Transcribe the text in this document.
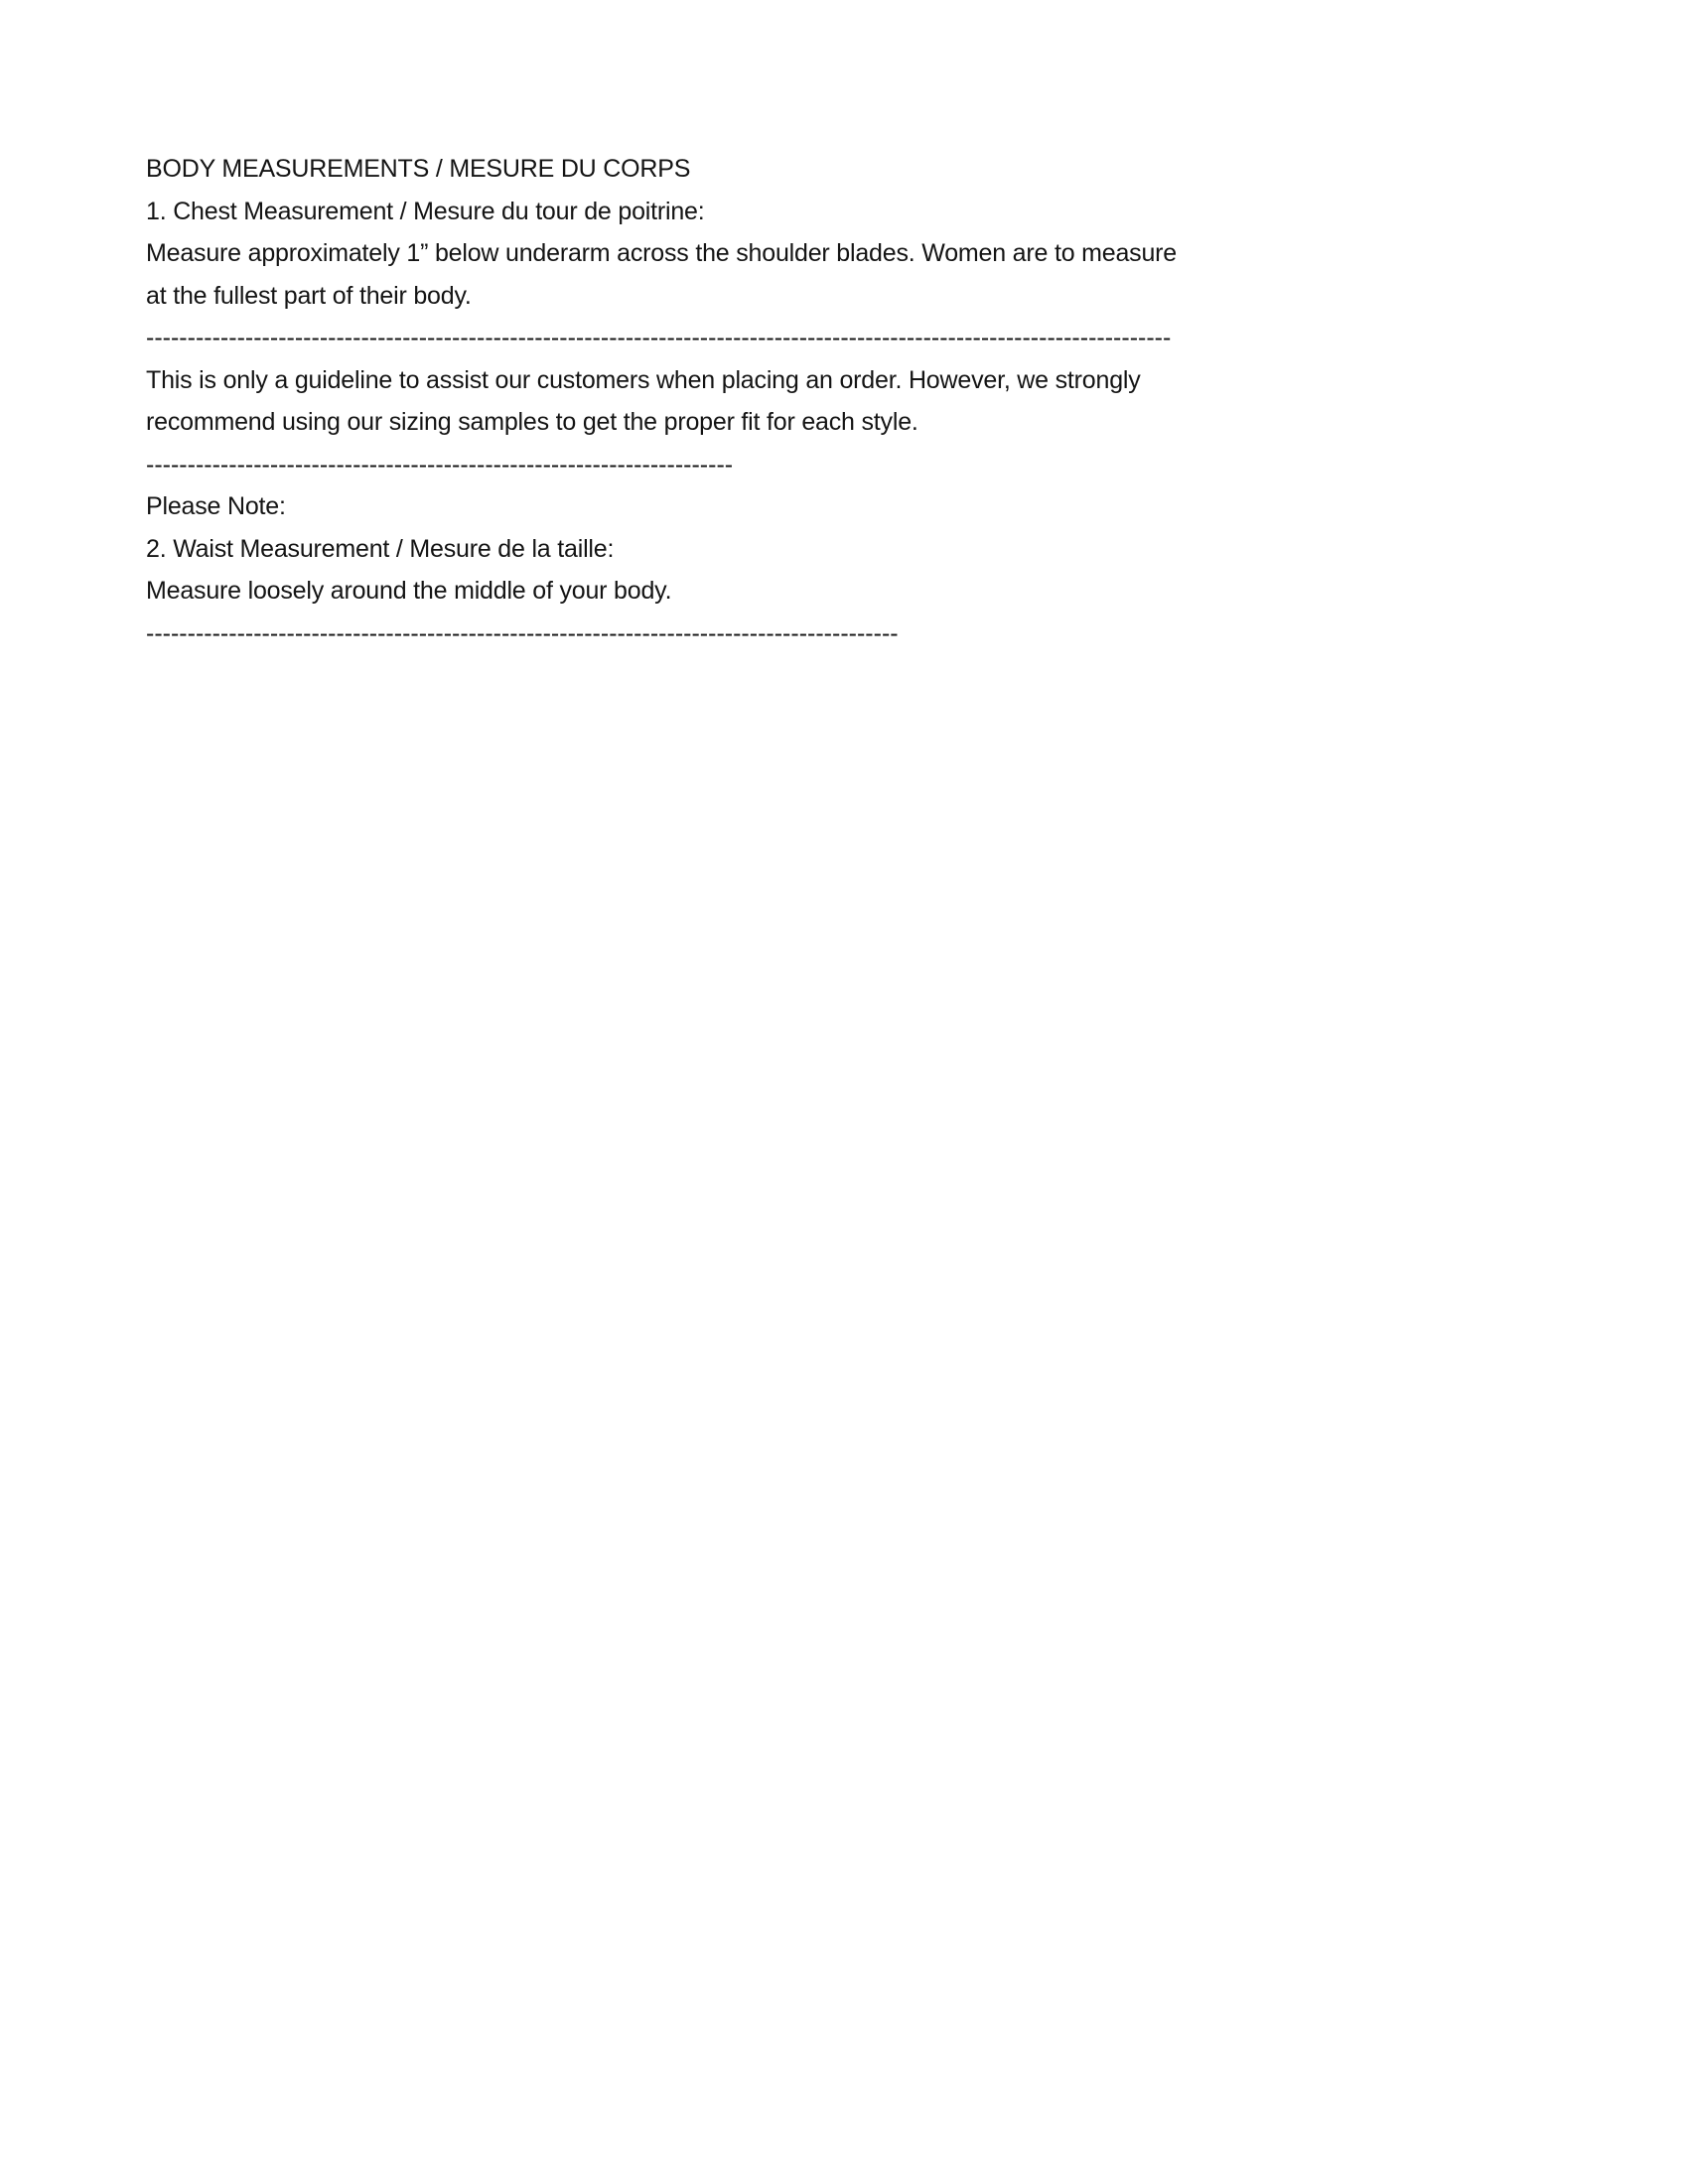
BODY MEASUREMENTS / MESURE DU CORPS
1. Chest Measurement / Mesure du tour de poitrine:
Measure approximately 1” below underarm across the shoulder blades. Women are to measure
at the fullest part of their body.
----------------------------------------------------------------------------------------------------------------------------
This is only a guideline to assist our customers when placing an order. However, we strongly
recommend using our sizing samples to get the proper fit for each style.
-----------------------------------------------------------------------
Please Note:
2. Waist Measurement / Mesure de la taille:
Measure loosely around the middle of your body.
-------------------------------------------------------------------------------------------
